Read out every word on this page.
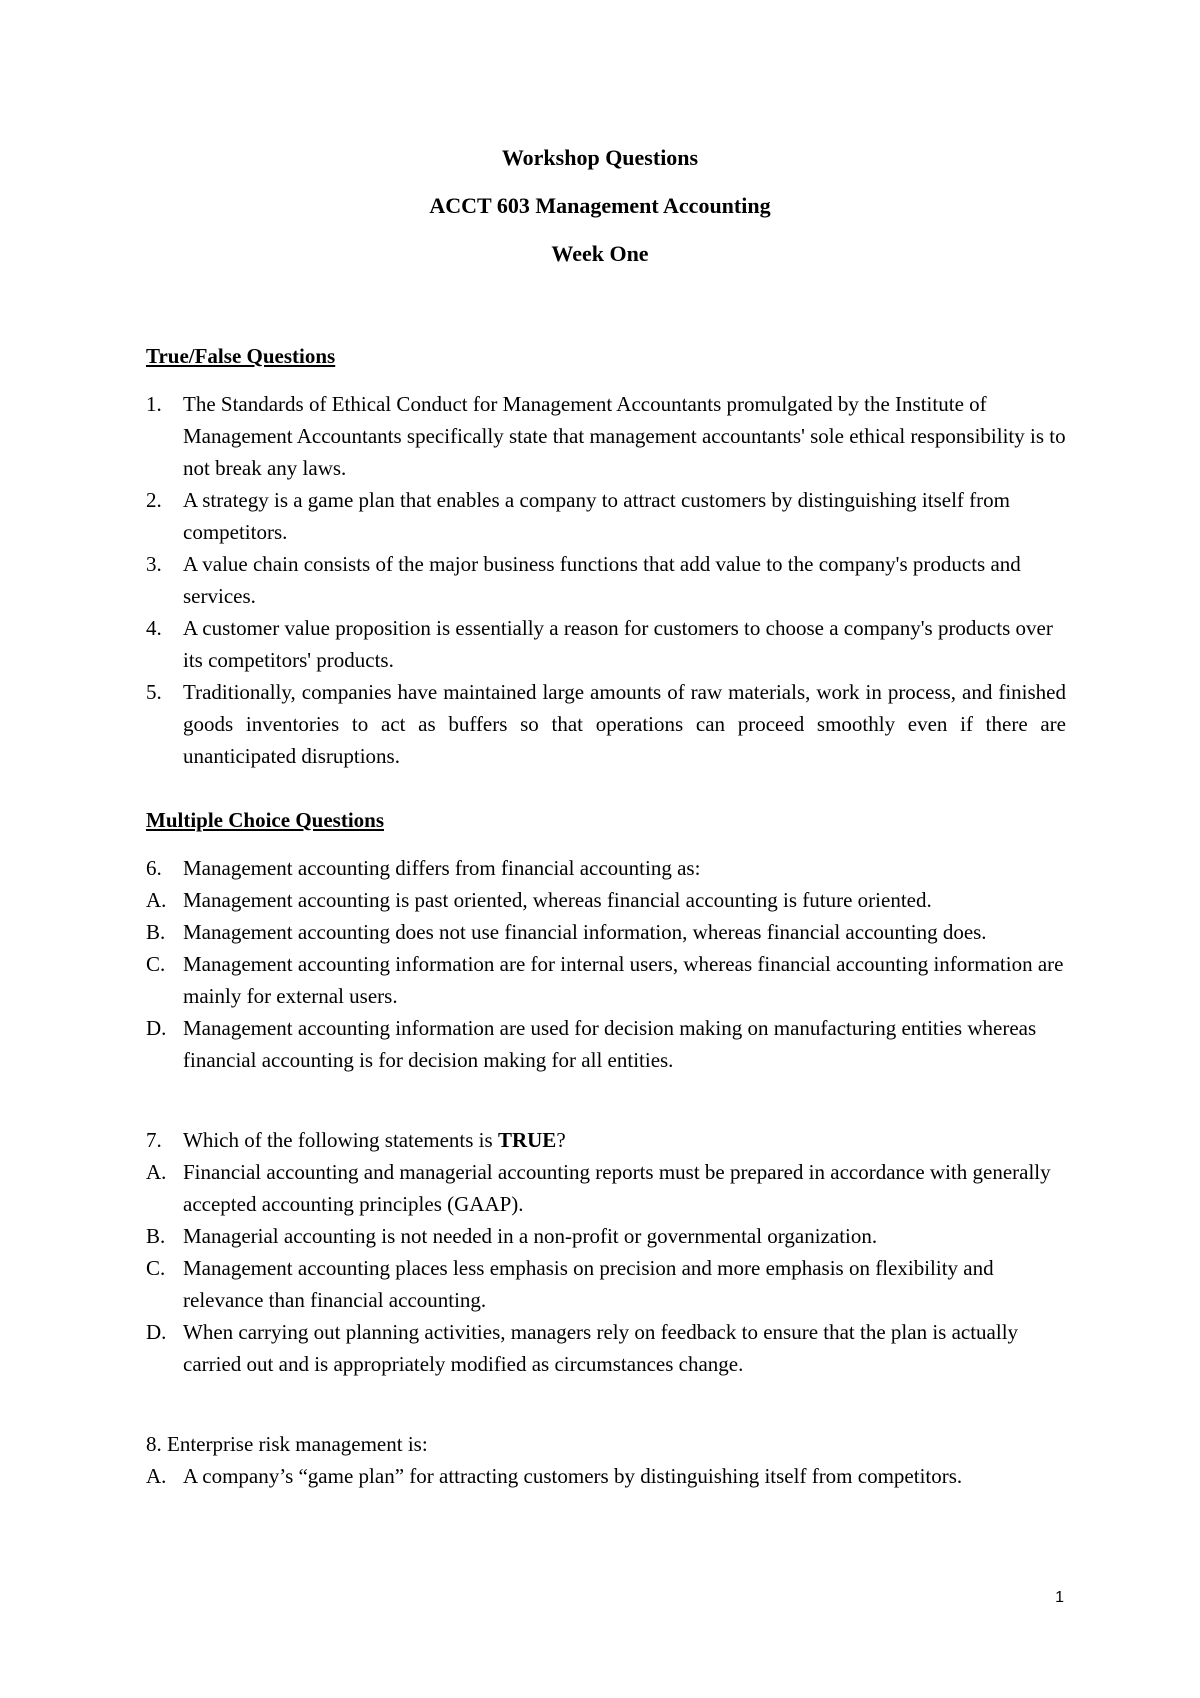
Workshop Questions
ACCT 603 Management Accounting
Week One
True/False Questions
1.	The Standards of Ethical Conduct for Management Accountants promulgated by the Institute of Management Accountants specifically state that management accountants' sole ethical responsibility is to not break any laws.
2.	A strategy is a game plan that enables a company to attract customers by distinguishing itself from competitors.
3.	A value chain consists of the major business functions that add value to the company's products and services.
4.	A customer value proposition is essentially a reason for customers to choose a company's products over its competitors' products.
5.	Traditionally, companies have maintained large amounts of raw materials, work in process, and finished goods inventories to act as buffers so that operations can proceed smoothly even if there are unanticipated disruptions.
Multiple Choice Questions
6.	Management accounting differs from financial accounting as:
A. Management accounting is past oriented, whereas financial accounting is future oriented.
B. Management accounting does not use financial information, whereas financial accounting does.
C. Management accounting information are for internal users, whereas financial accounting information are mainly for external users.
D. Management accounting information are used for decision making on manufacturing entities whereas financial accounting is for decision making for all entities.
7.	Which of the following statements is TRUE?
A. Financial accounting and managerial accounting reports must be prepared in accordance with generally accepted accounting principles (GAAP).
B. Managerial accounting is not needed in a non-profit or governmental organization.
C. Management accounting places less emphasis on precision and more emphasis on flexibility and relevance than financial accounting.
D. When carrying out planning activities, managers rely on feedback to ensure that the plan is actually carried out and is appropriately modified as circumstances change.
8. Enterprise risk management is:
A. A company’s “game plan” for attracting customers by distinguishing itself from competitors.
1
